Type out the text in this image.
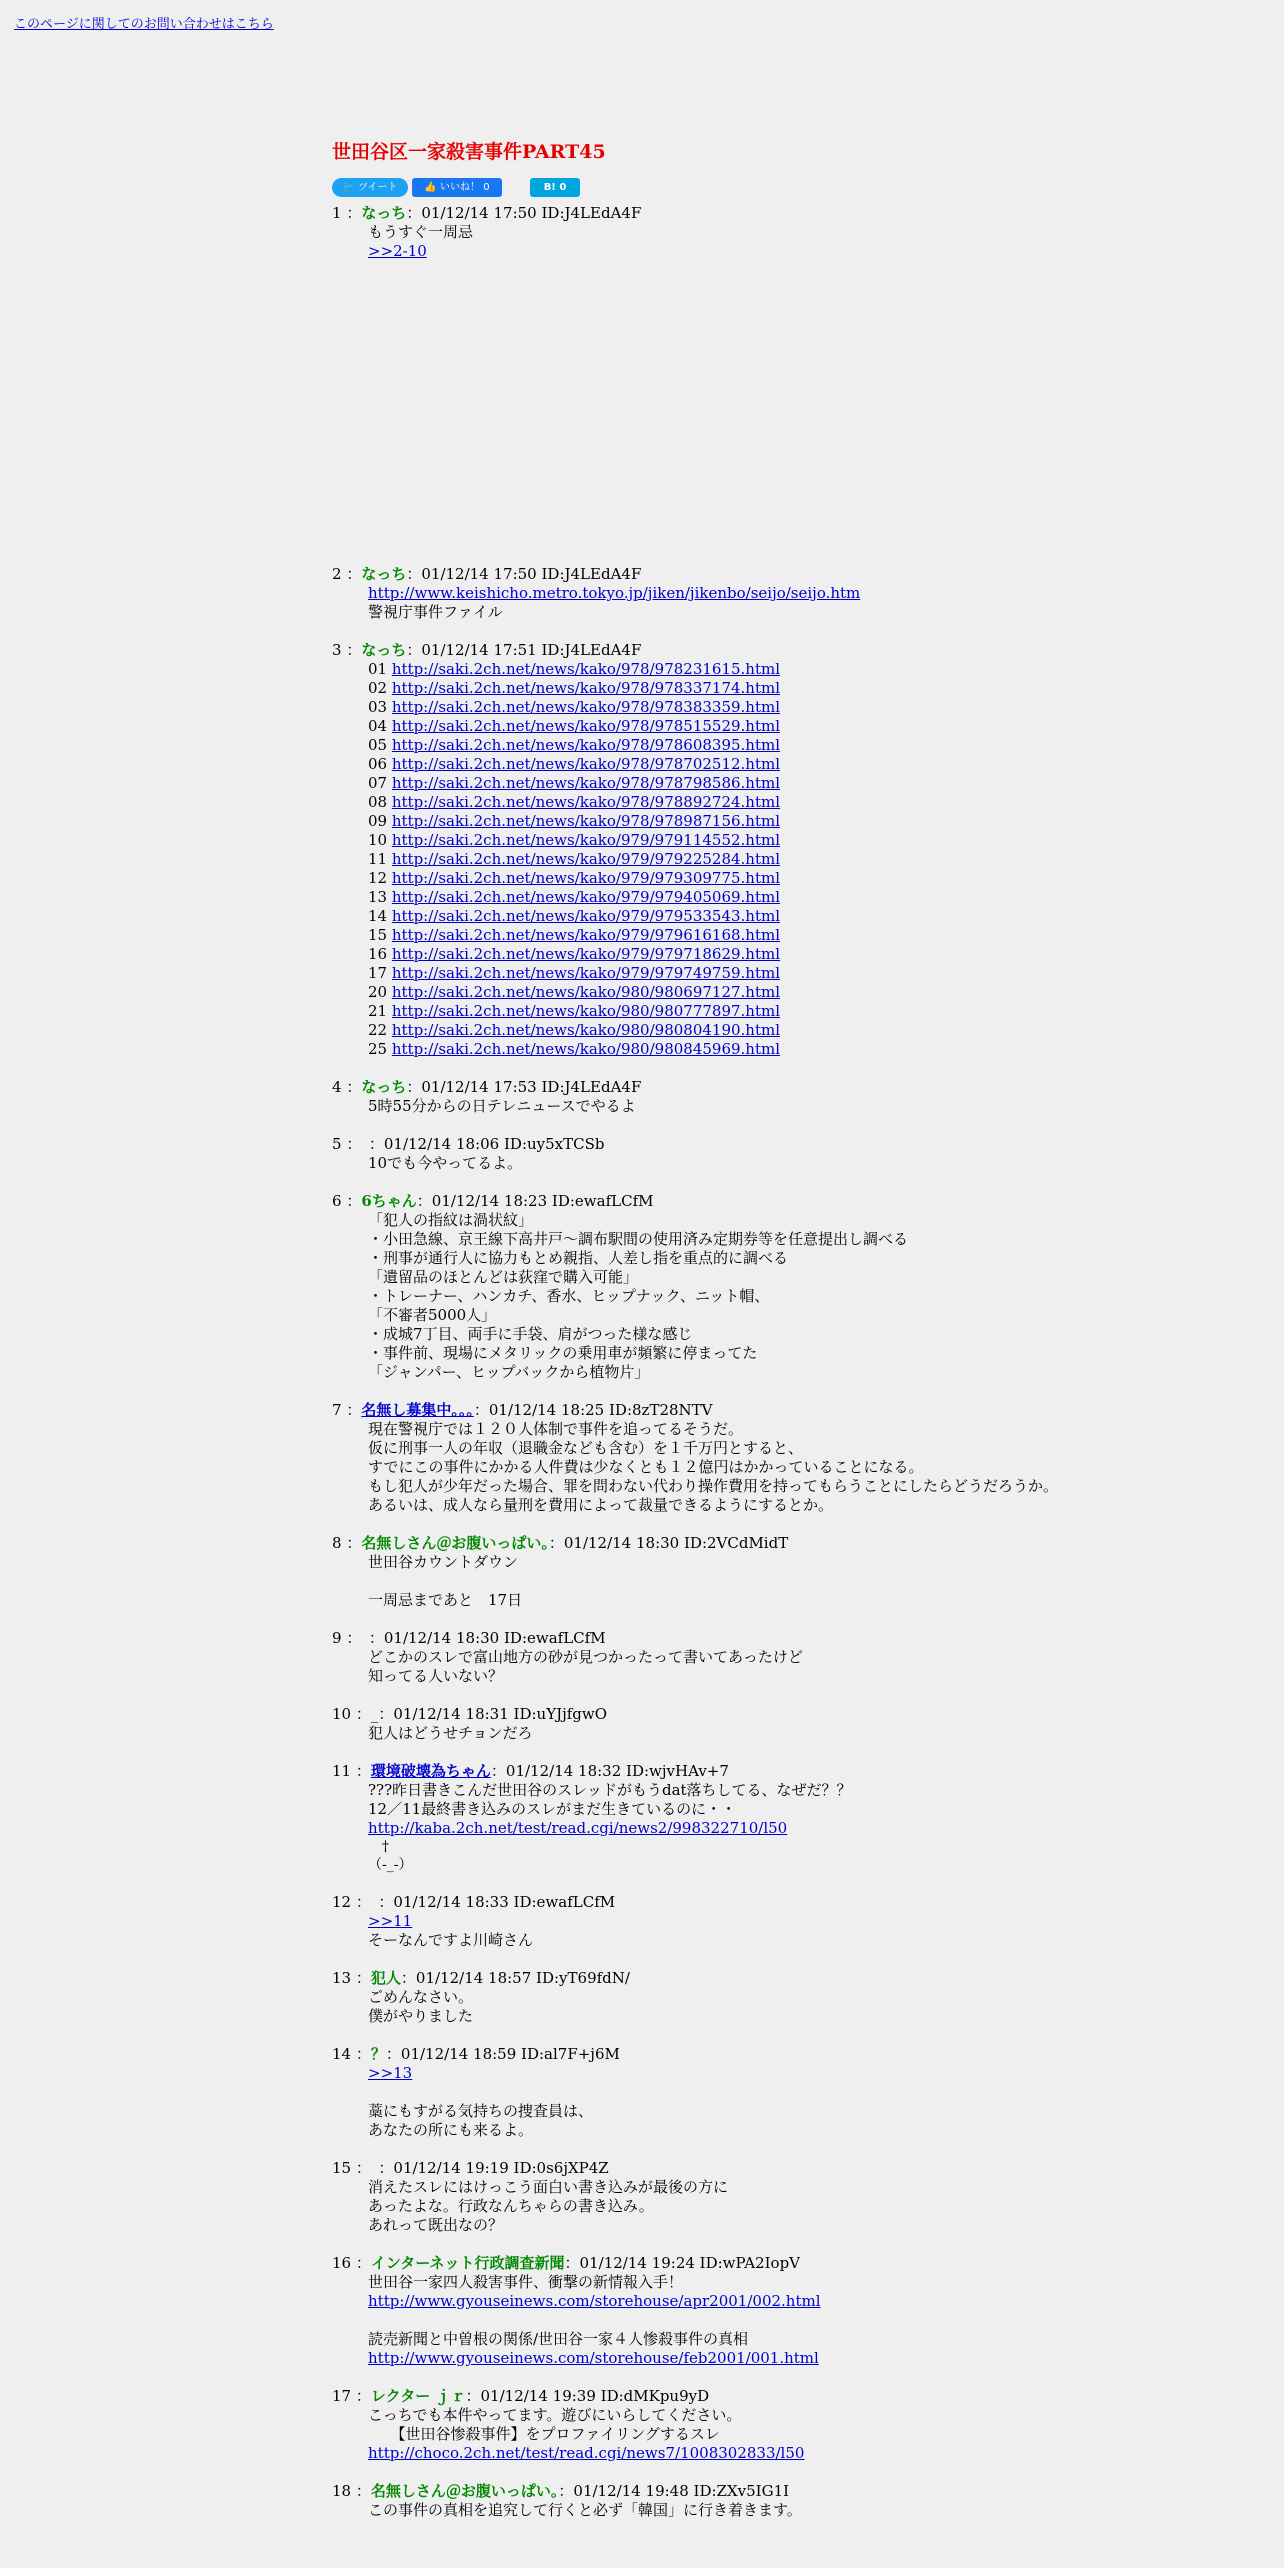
このページに関してのお問い合わせはこちら
世田谷区一家殺害事件PART45
🐦 ツイート	👍 いいね！ 0	B! 0
1 ：なっち：01/12/14 17:50 ID:J4LEdA4F
もうすぐ一周忌
>>2-10
2 ：なっち：01/12/14 17:50 ID:J4LEdA4F
http://www.keishicho.metro.tokyo.jp/jiken/jikenbo/seijo/seijo.htm
警視庁事件ファイル
3 ：なっち：01/12/14 17:51 ID:J4LEdA4F
01 http://saki.2ch.net/news/kako/978/978231615.html
02 http://saki.2ch.net/news/kako/978/978337174.html
03 http://saki.2ch.net/news/kako/978/978383359.html
04 http://saki.2ch.net/news/kako/978/978515529.html
05 http://saki.2ch.net/news/kako/978/978608395.html
06 http://saki.2ch.net/news/kako/978/978702512.html
07 http://saki.2ch.net/news/kako/978/978798586.html
08 http://saki.2ch.net/news/kako/978/978892724.html
09 http://saki.2ch.net/news/kako/978/978987156.html
10 http://saki.2ch.net/news/kako/979/979114552.html
11 http://saki.2ch.net/news/kako/979/979225284.html
12 http://saki.2ch.net/news/kako/979/979309775.html
13 http://saki.2ch.net/news/kako/979/979405069.html
14 http://saki.2ch.net/news/kako/979/979533543.html
15 http://saki.2ch.net/news/kako/979/979616168.html
16 http://saki.2ch.net/news/kako/979/979718629.html
17 http://saki.2ch.net/news/kako/979/979749759.html
20 http://saki.2ch.net/news/kako/980/980697127.html
21 http://saki.2ch.net/news/kako/980/980777897.html
22 http://saki.2ch.net/news/kako/980/980804190.html
25 http://saki.2ch.net/news/kako/980/980845969.html
4 ：なっち：01/12/14 17:53 ID:J4LEdA4F
5時55分からの日テレニュースでやるよ
5 ：　 ：01/12/14 18:06 ID:uy5xTCSb
10でも今やってるよ。
6 ：6ちゃん：01/12/14 18:23 ID:ewafLCfM
「犯人の指紋は渦状紋」
・小田急線、京王線下高井戸～調布駅間の使用済み定期券等を任意提出し調べる
・刑事が通行人に協力もとめ親指、人差し指を重点的に調べる
「遺留品のほとんどは荻窪で購入可能」
・トレーナー、ハンカチ、香水、ヒップナック、ニット帽、
「不審者5000人」
・成城7丁目、両手に手袋、肩がつった様な感じ
・事件前、現場にメタリックの乗用車が頻繁に停まってた
「ジャンパー、ヒップバックから植物片」
7 ：名無し募集中。。。：01/12/14 18:25 ID:8zT28NTV
現在警視庁では１２０人体制で事件を追ってるそうだ。
仮に刑事一人の年収（退職金なども含む）を１千万円とすると、
すでにこの事件にかかる人件費は少なくとも１２億円はかかっていることになる。
もし犯人が少年だった場合、罪を問わない代わり操作費用を持ってもらうことにしたらどうだろうか。
あるいは、成人なら量刑を費用によって裁量できるようにするとか。
8 ：名無しさん＠お腹いっぱい。：01/12/14 18:30 ID:2VCdMidT
世田谷カウントダウン
一周忌まであと　17日
9 ：　 ：01/12/14 18:30 ID:ewafLCfM
どこかのスレで富山地方の砂が見つかったって書いてあったけど
知ってる人いない？
10 ：_：01/12/14 18:31 ID:uYJjfgwO
犯人はどうせチョンだろ
11 ：環境破壊為ちゃん：01/12/14 18:32 ID:wjvHAv+7
???昨日書きこんだ世田谷のスレッドがもうdat落ちしてる、なぜだ？？
12／11最終書き込みのスレがまだ生きているのに・・
http://kaba.2ch.net/test/read.cgi/news2/998322710/l50
　†
（-_-）
12 ：　 ：01/12/14 18:33 ID:ewafLCfM
>>11
そーなんですよ川崎さん
13 ：犯人：01/12/14 18:57 ID:yT69fdN/
ごめんなさい。
僕がやりました
14 ：？：01/12/14 18:59 ID:al7F+j6M
>>13
藁にもすがる気持ちの捜査員は、
あなたの所にも来るよ。
15 ：　 ：01/12/14 19:19 ID:0s6jXP4Z
消えたスレにはけっこう面白い書き込みが最後の方に
あったよな。行政なんちゃらの書き込み。
あれって既出なの？
16 ：インターネット行政調査新聞：01/12/14 19:24 ID:wPA2IopV
世田谷一家四人殺害事件、衝撃の新情報入手！
http://www.gyouseinews.com/storehouse/apr2001/002.html
読売新聞と中曽根の関係/世田谷一家４人惨殺事件の真相
http://www.gyouseinews.com/storehouse/feb2001/001.html
17 ：レクター ｊｒ：01/12/14 19:39 ID:dMKpu9yD
こっちでも本件やってます。遊びにいらしてください。
　　【世田谷惨殺事件】をプロファイリングするスレ
http://choco.2ch.net/test/read.cgi/news7/1008302833/l50
18 ：名無しさん＠お腹いっぱい。：01/12/14 19:48 ID:ZXv5IG1I
この事件の真相を追究して行くと必ず「韓国」に行き着きます。
